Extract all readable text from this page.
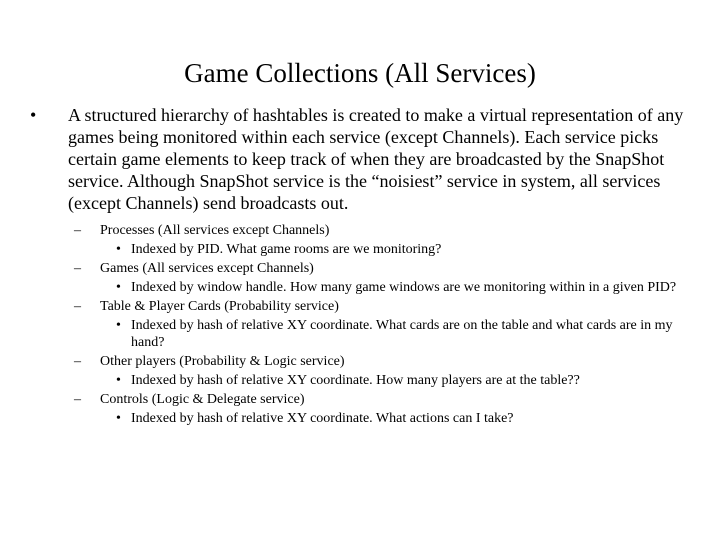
Game Collections (All Services)
• A structured hierarchy of hashtables is created to make a virtual representation of any games being monitored within each service (except Channels). Each service picks certain game elements to keep track of when they are broadcasted by the SnapShot service. Although SnapShot service is the “noisiest” service in system, all services (except Channels) send broadcasts out.
– Processes (All services except Channels)
• Indexed by PID. What game rooms are we monitoring?
– Games (All services except Channels)
• Indexed by window handle. How many game windows are we monitoring within in a given PID?
– Table & Player Cards (Probability service)
• Indexed by hash of relative XY coordinate. What cards are on the table and what cards are in my hand?
– Other players (Probability & Logic service)
• Indexed by hash of relative XY coordinate. How many players are at the table??
– Controls (Logic & Delegate service)
• Indexed by hash of relative XY coordinate. What actions can I take?
